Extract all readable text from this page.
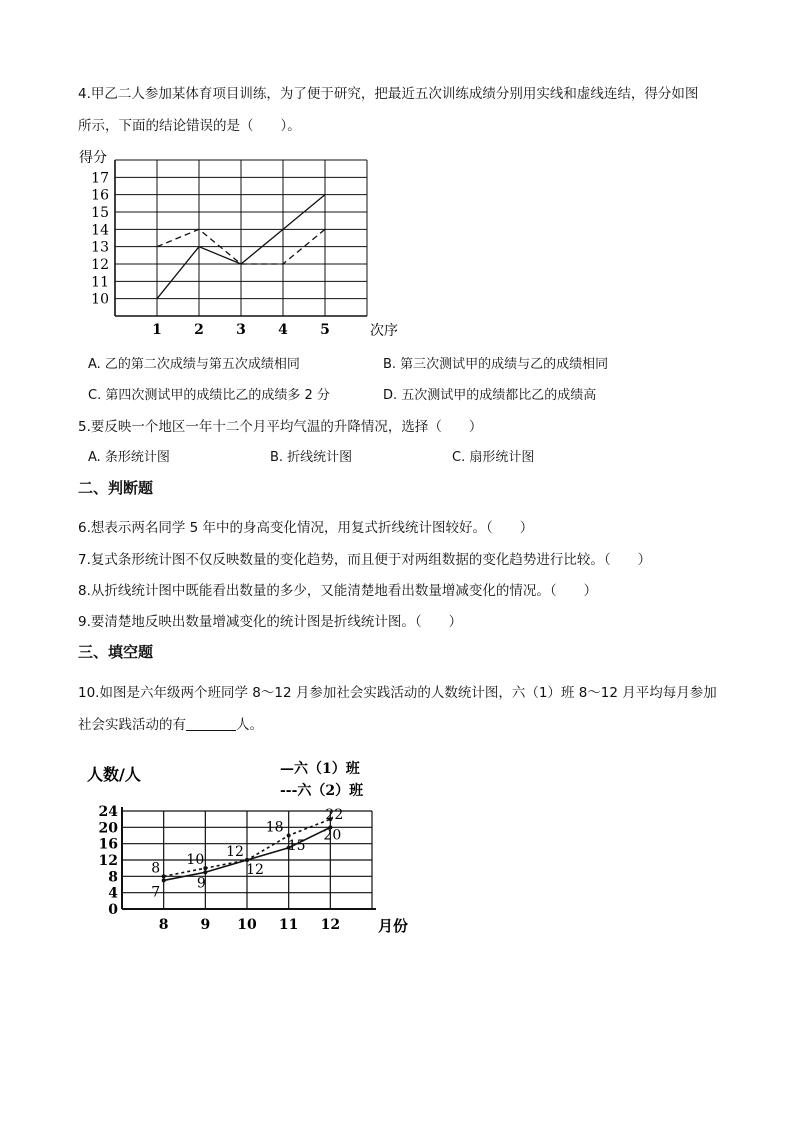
4.甲乙二人参加某体育项目训练，为了便于研究，把最近五次训练成绩分别用实线和虚线连结，得分如图
所示，下面的结论错误的是（　　）。
得分
10
11
12
13
14
15
16
17
1 2 3 4 5	次序
A. 乙的第二次成绩与第五次成绩相同	B. 第三次测试甲的成绩与乙的成绩相同
C. 第四次测试甲的成绩比乙的成绩多 2 分	D. 五次测试甲的成绩都比乙的成绩高
5.要反映一个地区一年十二个月平均气温的升降情况，选择（　　）
A. 条形统计图	B. 折线统计图	C. 扇形统计图
二、判断题
6.想表示两名同学 5 年中的身高变化情况，用复式折线统计图较好。（　　）
7.复式条形统计图不仅反映数量的变化趋势，而且便于对两组数据的变化趋势进行比较。（　　）
8.从折线统计图中既能看出数量的多少，又能清楚地看出数量增减变化的情况。（　　）
9.要清楚地反映出数量增减变化的统计图是折线统计图。（　　）
三、填空题
10.如图是六年级两个班同学 8～12 月参加社会实践活动的人数统计图，六（1）班 8～12 月平均每月参加
社会实践活动的有	人。
人数/人
0
4
8
12
16
20
24
8 9 10 11 12	月份
—六（1）班
---六（2）班
7
9
12
15
20
8
10
12
18
22
